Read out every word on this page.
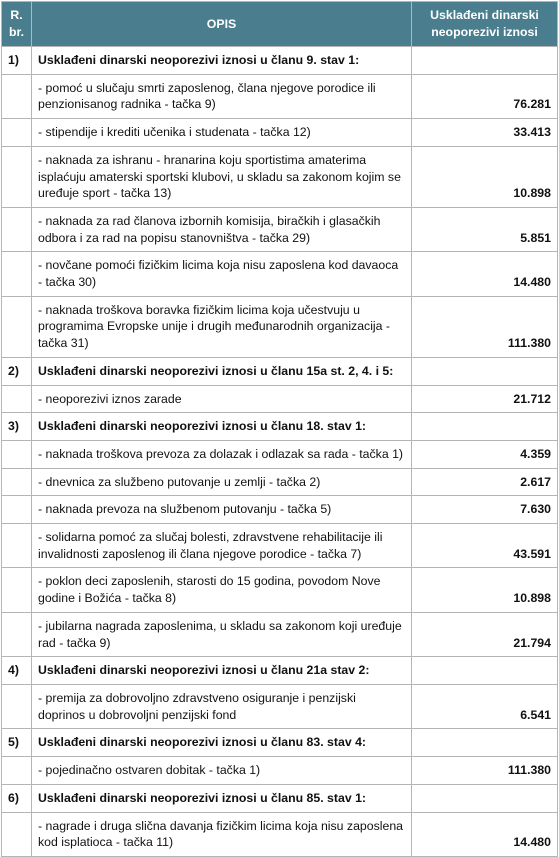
R. br.	OPIS	Usklađeni dinarski neoporezivi iznosi
1)	Usklađeni dinarski neoporezivi iznosi u članu 9. stav 1:	
	- pomoć u slučaju smrti zaposlenog, člana njegove porodice ili penzionisanog radnika - tačka 9)	76.281
	- stipendije i krediti učenika i studenata - tačka 12)	33.413
	- naknada za ishranu - hranarina koju sportistima amaterima isplaćuju amaterski sportski klubovi, u skladu sa zakonom kojim se uređuje sport - tačka 13)	10.898
	- naknada za rad članova izbornih komisija, biračkih i glasačkih odbora i za rad na popisu stanovništva - tačka 29)	5.851
	- novčane pomoći fizičkim licima koja nisu zaposlena kod davaoca - tačka 30)	14.480
	- naknada troškova boravka fizičkim licima koja učestvuju u programima Evropske unije i drugih međunarodnih organizacija - tačka 31)	111.380
2)	Usklađeni dinarski neoporezivi iznosi u članu 15a st. 2, 4. i 5:	
	- neoporezivi iznos zarade	21.712
3)	Usklađeni dinarski neoporezivi iznosi u članu 18. stav 1:	
	- naknada troškova prevoza za dolazak i odlazak sa rada - tačka 1)	4.359
	- dnevnica za službeno putovanje u zemlji - tačka 2)	2.617
	- naknada prevoza na službenom putovanju - tačka 5)	7.630
	- solidarna pomoć za slučaj bolesti, zdravstvene rehabilitacije ili invalidnosti zaposlenog ili člana njegove porodice - tačka 7)	43.591
	- poklon deci zaposlenih, starosti do 15 godina, povodom Nove godine i Božića - tačka 8)	10.898
	- jubilarna nagrada zaposlenima, u skladu sa zakonom koji uređuje rad - tačka 9)	21.794
4)	Usklađeni dinarski neoporezivi iznosi u članu 21a stav 2:	
	- premija za dobrovoljno zdravstveno osiguranje i penzijski doprinos u dobrovoljni penzijski fond	6.541
5)	Usklađeni dinarski neoporezivi iznosi u članu 83. stav 4:	
	- pojedinačno ostvaren dobitak - tačka 1)	111.380
6)	Usklađeni dinarski neoporezivi iznosi u članu 85. stav 1:	
	- nagrade i druga slična davanja fizičkim licima koja nisu zaposlena kod isplatioca - tačka 11)	14.480
